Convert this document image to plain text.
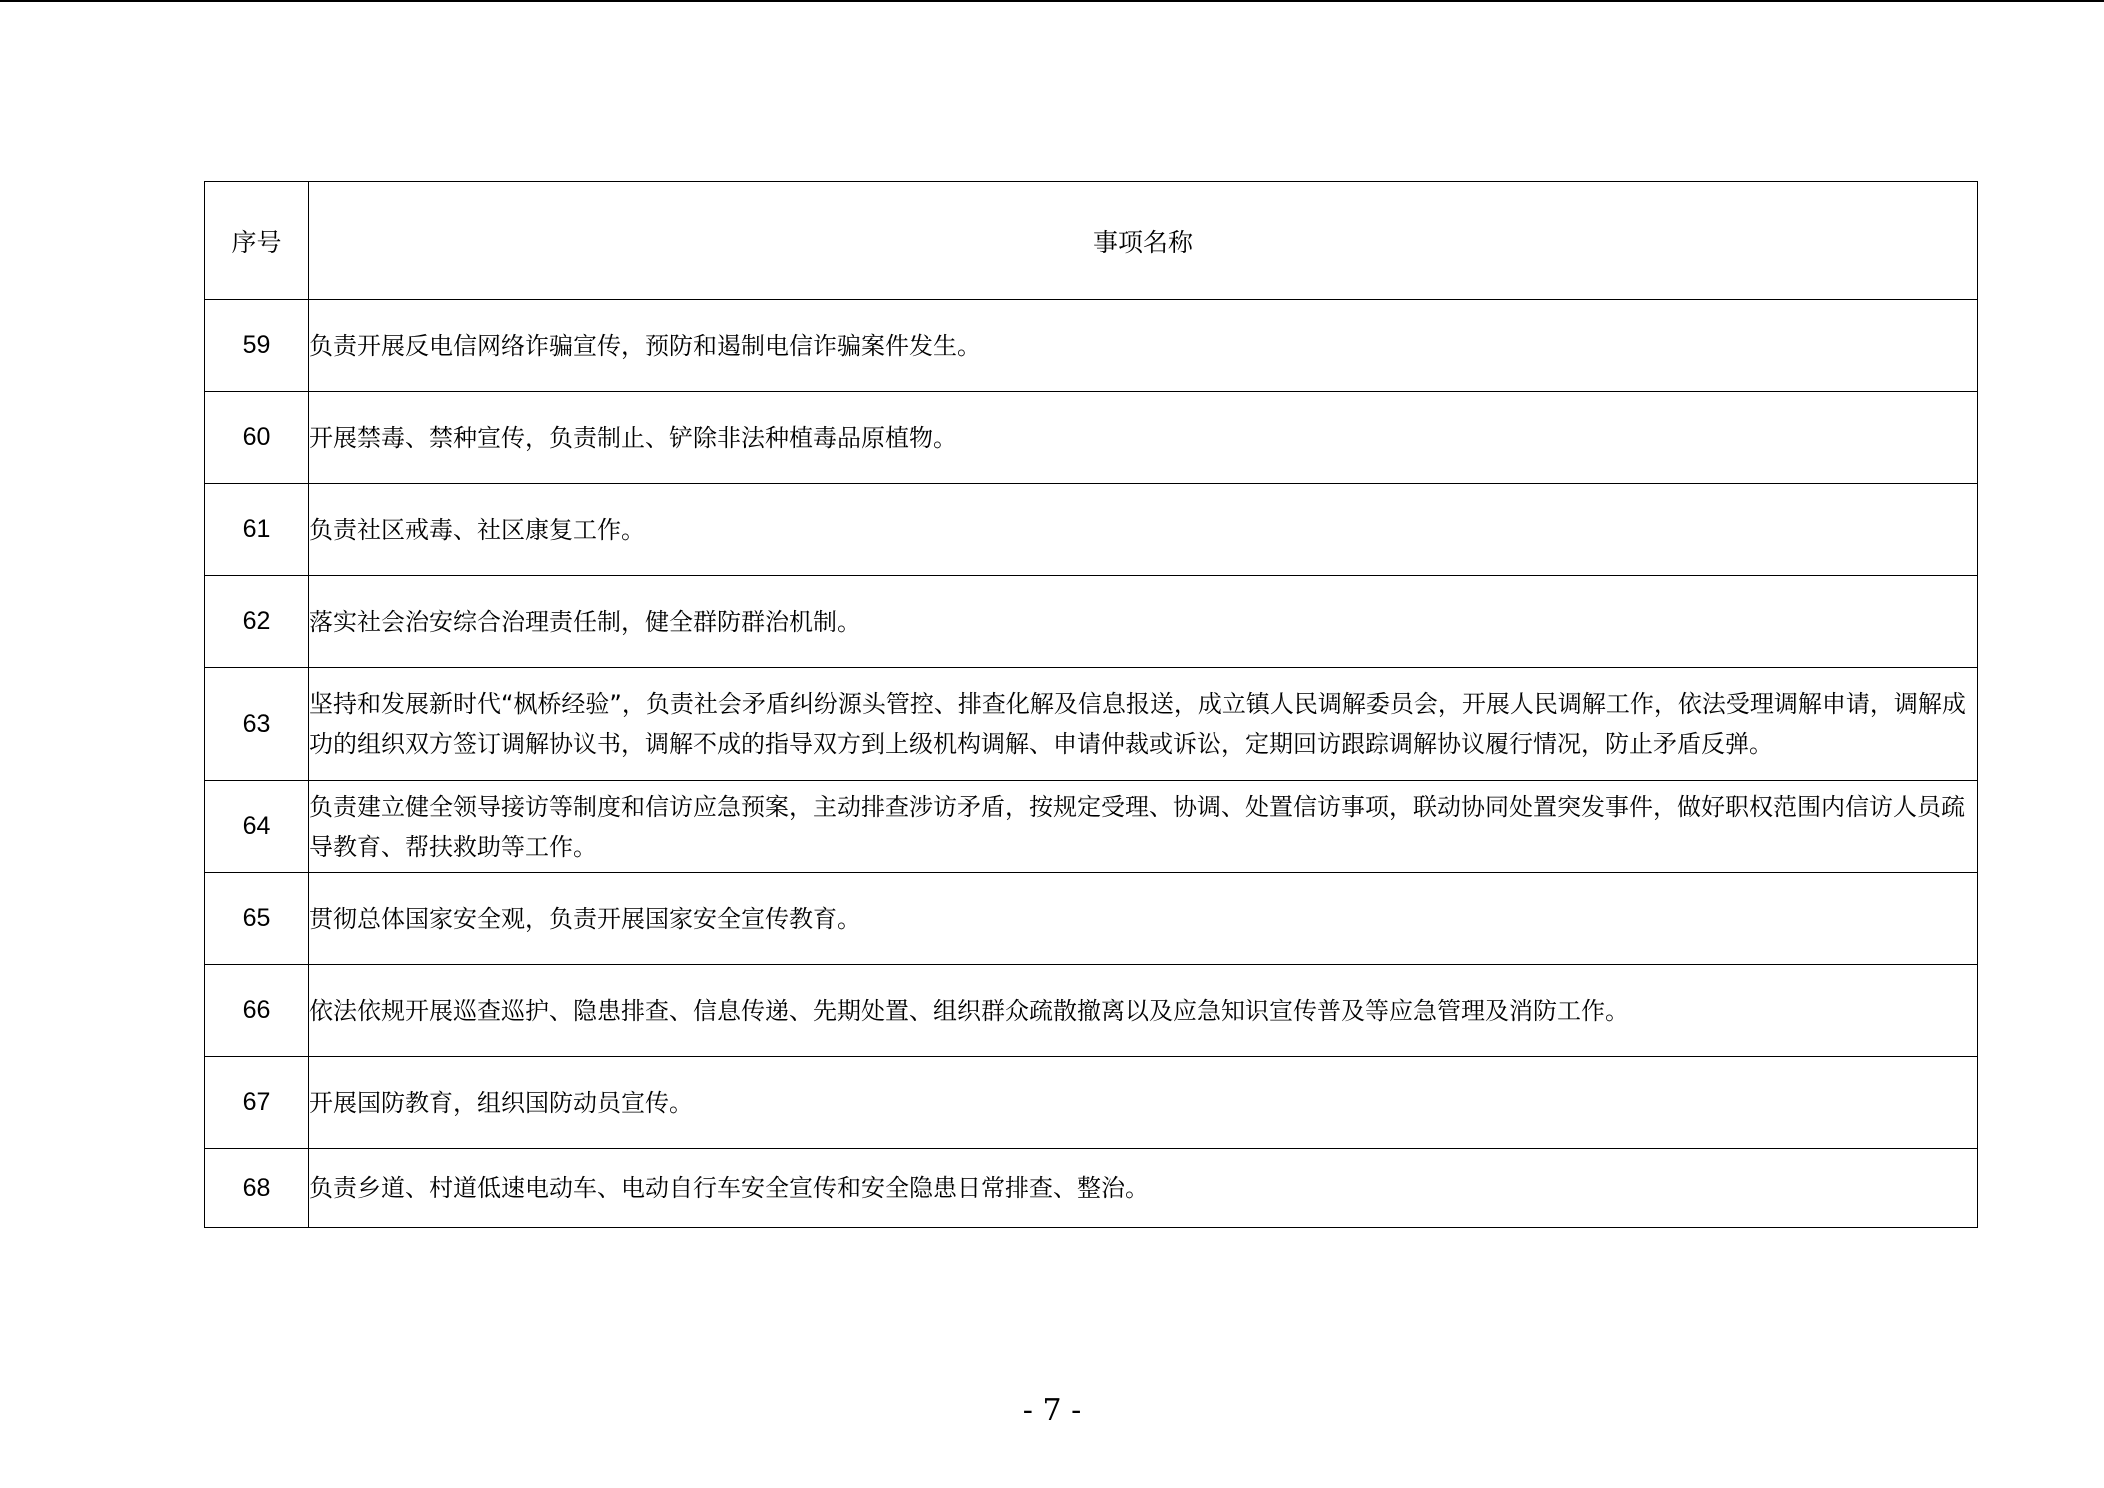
序号	事项名称
59	负责开展反电信网络诈骗宣传，预防和遏制电信诈骗案件发生。
60	开展禁毒、禁种宣传，负责制止、铲除非法种植毒品原植物。
61	负责社区戒毒、社区康复工作。
62	落实社会治安综合治理责任制，健全群防群治机制。
63	坚持和发展新时代“枫桥经验”，负责社会矛盾纠纷源头管控、排查化解及信息报送，成立镇人民调解委员会，开展人民调解工作，依法受理调解申请，调解成功的组织双方签订调解协议书，调解不成的指导双方到上级机构调解、申请仲裁或诉讼，定期回访跟踪调解协议履行情况，防止矛盾反弹。
64	负责建立健全领导接访等制度和信访应急预案，主动排查涉访矛盾，按规定受理、协调、处置信访事项，联动协同处置突发事件，做好职权范围内信访人员疏导教育、帮扶救助等工作。
65	贯彻总体国家安全观，负责开展国家安全宣传教育。
66	依法依规开展巡查巡护、隐患排查、信息传递、先期处置、组织群众疏散撤离以及应急知识宣传普及等应急管理及消防工作。
67	开展国防教育，组织国防动员宣传。
68	负责乡道、村道低速电动车、电动自行车安全宣传和安全隐患日常排查、整治。
- 7 -
